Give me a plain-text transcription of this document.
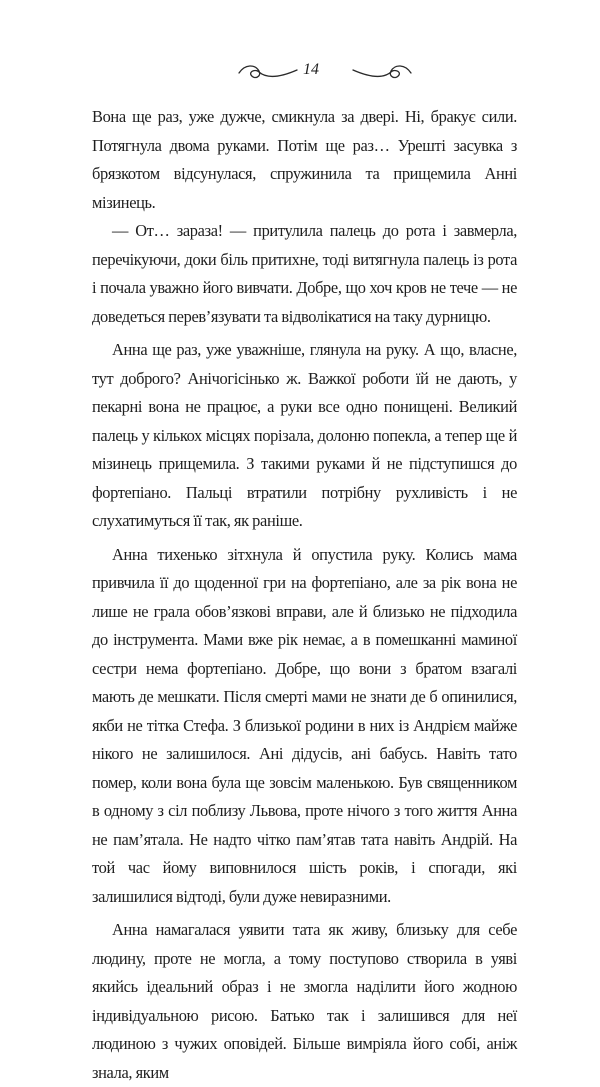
14

Вона ще раз, уже дужче, смикнула за двері. Ні, бракує сили. Потягнула двома руками. Потім ще раз… Урешті засувка з брязкотом відсунулася, спружинила та прищемила Анні мізинець.

— От… зараза! — притулила палець до рота і завмерла, перечікуючи, доки біль притихне, тоді витягнула палець із рота і почала уважно його вивчати. Добре, що хоч кров не тече — не доведеться перев’язувати та відволікатися на таку дурницю.

Анна ще раз, уже уважніше, глянула на руку. А що, власне, тут доброго? Анічогісінько ж. Важкої роботи їй не дають, у пекарні вона не працює, а руки все одно понищені. Великий палець у кількох місцях порізала, долоню попекла, а тепер ще й мізинець прищемила. З такими руками й не підступишся до фортепіано. Пальці втратили потрібну рухливість і не слухатимуться її так, як раніше.

Анна тихенько зітхнула й опустила руку. Колись мама привчила її до щоденної гри на фортепіано, але за рік вона не лише не грала обов’язкові вправи, але й близько не підходила до інструмента. Мами вже рік немає, а в помешканні маминої сестри нема фортепіано. Добре, що вони з братом взагалі мають де мешкати. Після смерті мами не знати де б опинилися, якби не тітка Стефа. З близької родини в них із Андрієм майже нікого не залишилося. Ані дідусів, ані бабусь. Навіть тато помер, коли вона була ще зовсім маленькою. Був священником в одному з сіл поблизу Львова, проте нічого з того життя Анна не пам’ятала. Не надто чітко пам’ятав тата навіть Андрій. На той час йому виповнилося шість років, і спогади, які залишилися відтоді, були дуже невиразними.

Анна намагалася уявити тата як живу, близьку для себе людину, проте не могла, а тому поступово створила в уяві якийсь ідеальний образ і не змогла наділити його жодною індивідуальною рисою. Батько так і залишився для неї людиною з чужих оповідей. Більше вимріяла його собі, аніж знала, яким
